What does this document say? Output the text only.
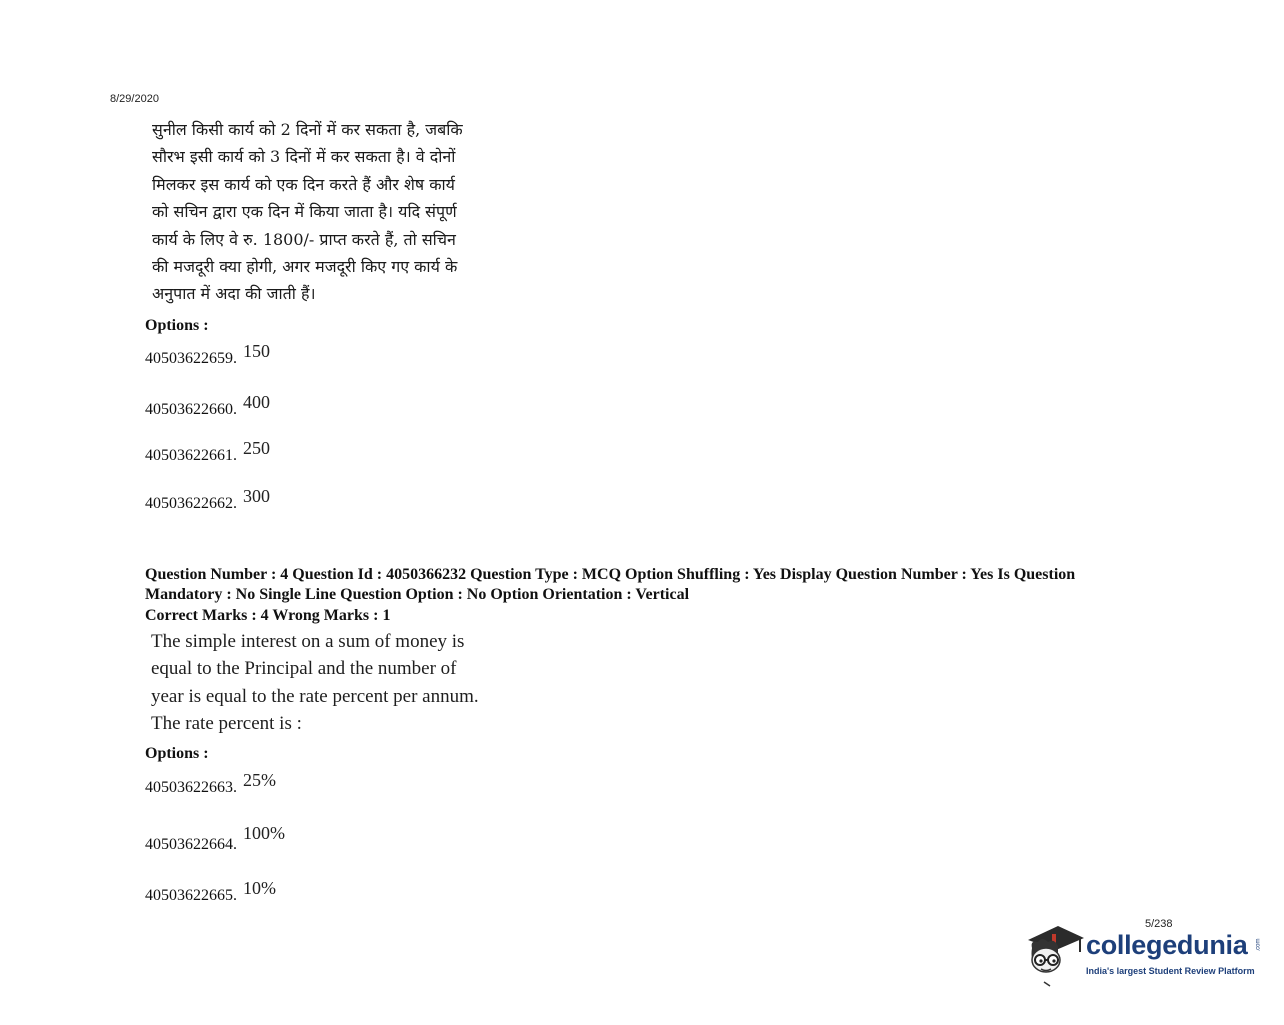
8/29/2020
सुनील किसी कार्य को 2 दिनों में कर सकता है, जबकि
सौरभ इसी कार्य को 3 दिनों में कर सकता है। वे दोनों
मिलकर इस कार्य को एक दिन करते हैं और शेष कार्य
को सचिन द्वारा एक दिन में किया जाता है। यदि संपूर्ण
कार्य के लिए वे रु. 1800/- प्राप्त करते हैं, तो सचिन
की मजदूरी क्या होगी, अगर मजदूरी किए गए कार्य के
अनुपात में अदा की जाती हैं।
Options :
40503622659. 150
40503622660. 400
40503622661. 250
40503622662. 300
Question Number : 4 Question Id : 4050366232 Question Type : MCQ Option Shuffling : Yes Display Question Number : Yes Is Question
Mandatory : No Single Line Question Option : No Option Orientation : Vertical
Correct Marks : 4 Wrong Marks : 1
The simple interest on a sum of money is
equal to the Principal and the number of
year is equal to the rate percent per annum.
The rate percent is :
Options :
40503622663. 25%
40503622664.100%
40503622665. 10%
5/238
collegedunia .com
India's largest Student Review Platform
